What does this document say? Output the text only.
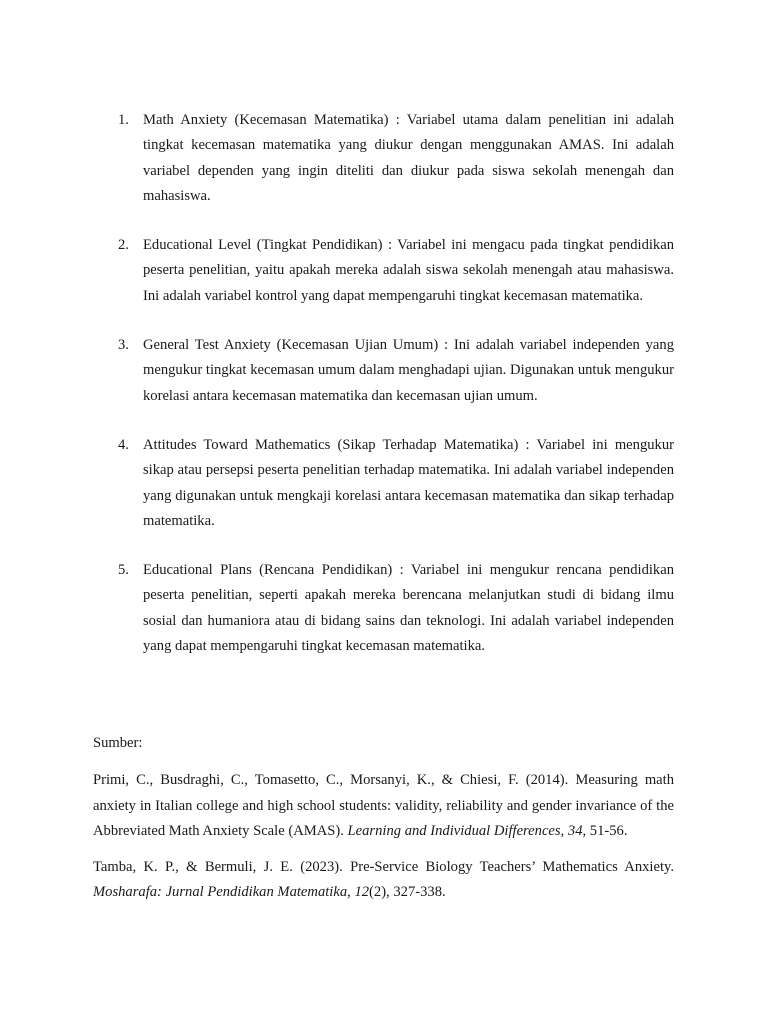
1. Math Anxiety (Kecemasan Matematika) : Variabel utama dalam penelitian ini adalah tingkat kecemasan matematika yang diukur dengan menggunakan AMAS. Ini adalah variabel dependen yang ingin diteliti dan diukur pada siswa sekolah menengah dan mahasiswa.
2. Educational Level (Tingkat Pendidikan) : Variabel ini mengacu pada tingkat pendidikan peserta penelitian, yaitu apakah mereka adalah siswa sekolah menengah atau mahasiswa. Ini adalah variabel kontrol yang dapat mempengaruhi tingkat kecemasan matematika.
3. General Test Anxiety (Kecemasan Ujian Umum) : Ini adalah variabel independen yang mengukur tingkat kecemasan umum dalam menghadapi ujian. Digunakan untuk mengukur korelasi antara kecemasan matematika dan kecemasan ujian umum.
4. Attitudes Toward Mathematics (Sikap Terhadap Matematika) : Variabel ini mengukur sikap atau persepsi peserta penelitian terhadap matematika. Ini adalah variabel independen yang digunakan untuk mengkaji korelasi antara kecemasan matematika dan sikap terhadap matematika.
5. Educational Plans (Rencana Pendidikan) : Variabel ini mengukur rencana pendidikan peserta penelitian, seperti apakah mereka berencana melanjutkan studi di bidang ilmu sosial dan humaniora atau di bidang sains dan teknologi. Ini adalah variabel independen yang dapat mempengaruhi tingkat kecemasan matematika.

Sumber:

Primi, C., Busdraghi, C., Tomasetto, C., Morsanyi, K., & Chiesi, F. (2014). Measuring math anxiety in Italian college and high school students: validity, reliability and gender invariance of the Abbreviated Math Anxiety Scale (AMAS). Learning and Individual Differences, 34, 51-56.

Tamba, K. P., & Bermuli, J. E. (2023). Pre-Service Biology Teachers’ Mathematics Anxiety. Mosharafa: Jurnal Pendidikan Matematika, 12(2), 327-338.
